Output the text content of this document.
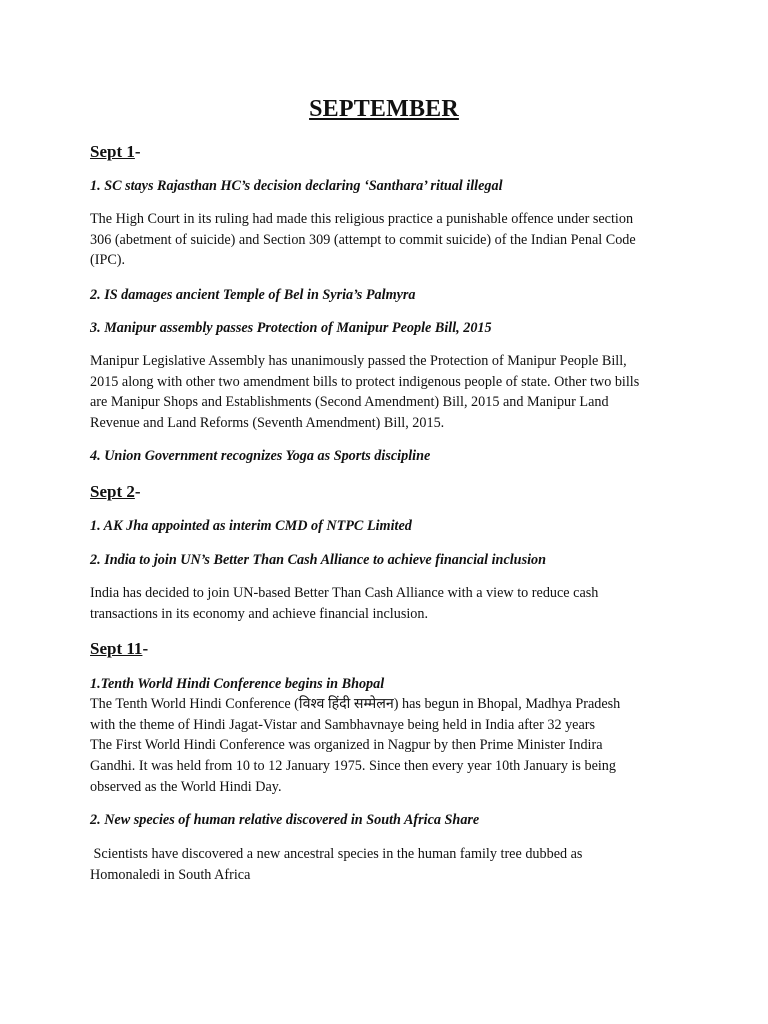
SEPTEMBER
Sept 1-
1. SC stays Rajasthan HC’s decision declaring ‘Santhara’ ritual illegal
The High Court in its ruling had made this religious practice a punishable offence under section
306 (abetment of suicide) and Section 309 (attempt to commit suicide) of the Indian Penal Code
(IPC).
2. IS damages ancient Temple of Bel in Syria’s Palmyra
3. Manipur assembly passes Protection of Manipur People Bill, 2015
Manipur Legislative Assembly has unanimously passed the Protection of Manipur People Bill,
2015 along with other two amendment bills to protect indigenous people of state. Other two bills
are Manipur Shops and Establishments (Second Amendment) Bill, 2015 and Manipur Land
Revenue and Land Reforms (Seventh Amendment) Bill, 2015.
4. Union Government recognizes Yoga as Sports discipline
Sept 2-
1. AK Jha appointed as interim CMD of NTPC Limited
2. India to join UN’s Better Than Cash Alliance to achieve financial inclusion
India has decided to join UN-based Better Than Cash Alliance with a view to reduce cash
transactions in its economy and achieve financial inclusion.
Sept 11-
1.Tenth World Hindi Conference begins in Bhopal
The Tenth World Hindi Conference (विश्व हिंदी सम्मेलन) has begun in Bhopal, Madhya Pradesh
with the theme of Hindi Jagat-Vistar and Sambhavnaye being held in India after 32 years
The First World Hindi Conference was organized in Nagpur by then Prime Minister Indira
Gandhi. It was held from 10 to 12 January 1975. Since then every year 10th January is being
observed as the World Hindi Day.
2. New species of human relative discovered in South Africa Share
Scientists have discovered a new ancestral species in the human family tree dubbed as
Homonaledi in South Africa
